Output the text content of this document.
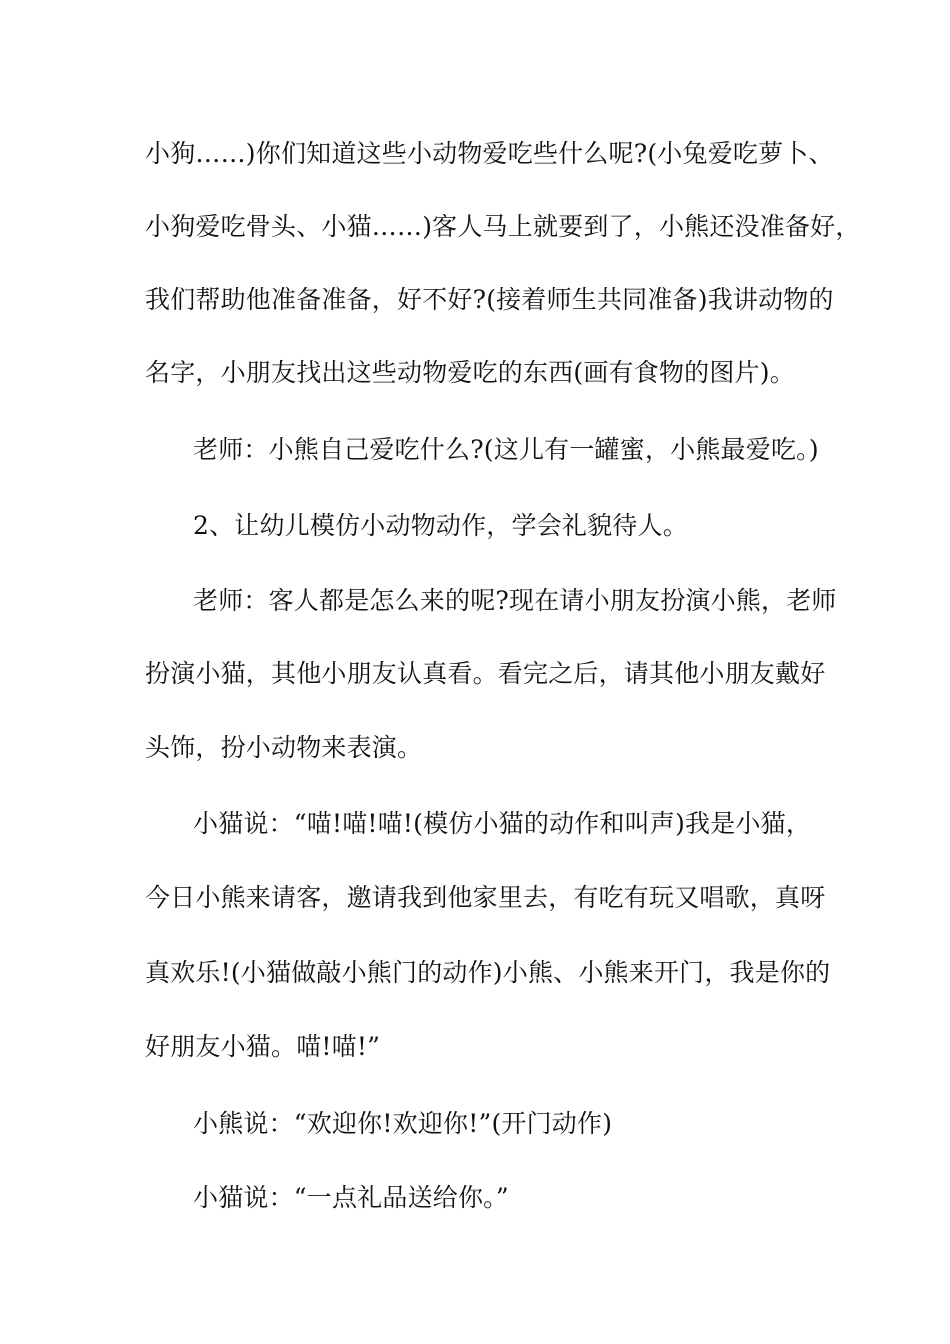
小狗……)你们知道这些小动物爱吃些什么呢?(小兔爱吃萝卜、
小狗爱吃骨头、小猫……)客人马上就要到了，小熊还没准备好，
我们帮助他准备准备，好不好?(接着师生共同准备)我讲动物的
名字，小朋友找出这些动物爱吃的东西(画有食物的图片)。
老师：小熊自己爱吃什么?(这儿有一罐蜜，小熊最爱吃。)
2、让幼儿模仿小动物动作，学会礼貌待人。
老师：客人都是怎么来的呢?现在请小朋友扮演小熊，老师
扮演小猫，其他小朋友认真看。看完之后，请其他小朋友戴好
头饰，扮小动物来表演。
小猫说：“喵!喵!喵!(模仿小猫的动作和叫声)我是小猫，
今日小熊来请客，邀请我到他家里去，有吃有玩又唱歌，真呀
真欢乐!(小猫做敲小熊门的动作)小熊、小熊来开门，我是你的
好朋友小猫。喵!喵!”
小熊说：“欢迎你!欢迎你!”(开门动作)
小猫说：“一点礼品送给你。”
